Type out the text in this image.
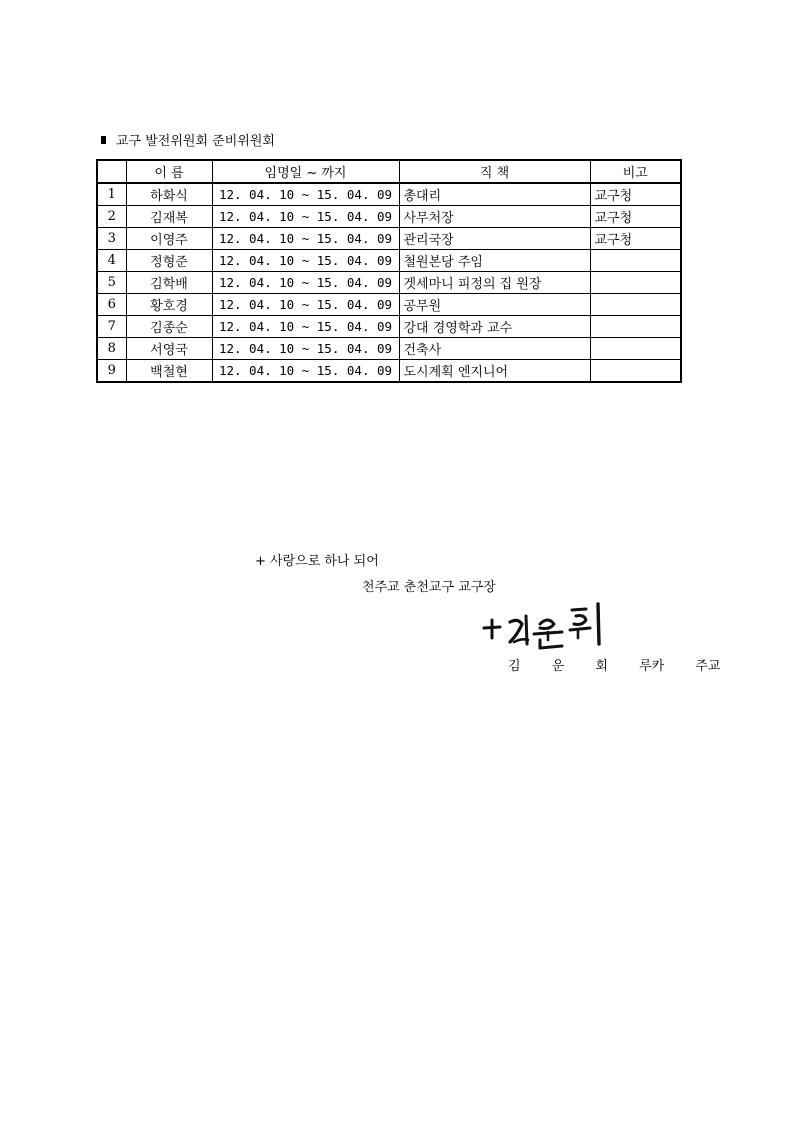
교구 발전위원회 준비위원회
	이 름	임명일 ~ 까지	직 책	비고
1	하화식	12. 04. 10 ~ 15. 04. 09	총대리	교구청
2	김재복	12. 04. 10 ~ 15. 04. 09	사무처장	교구청
3	이영주	12. 04. 10 ~ 15. 04. 09	관리국장	교구청
4	정형준	12. 04. 10 ~ 15. 04. 09	철원본당 주임	
5	김학배	12. 04. 10 ~ 15. 04. 09	겟세마니 피정의 집 원장	
6	황호경	12. 04. 10 ~ 15. 04. 09	공무원	
7	김종순	12. 04. 10 ~ 15. 04. 09	강대 경영학과 교수	
8	서영국	12. 04. 10 ~ 15. 04. 09	건축사	
9	백철현	12. 04. 10 ~ 15. 04. 09	도시계획 엔지니어	
+ 사랑으로 하나 되어
천주교 춘천교구 교구장
김 운 회 루카 주교
